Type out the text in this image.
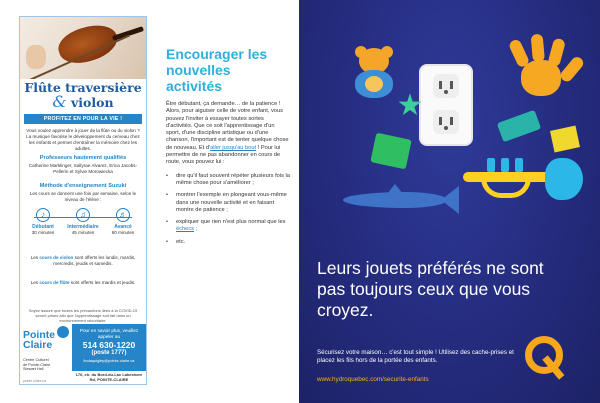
Flûte traversière
& violon
PROFITEZ EN POUR LA VIE !
Vous voulez apprendre à jouer de la flûte ou du violon ? La musique favorise le développement du cerveau chez les enfants et permet d'entraîner la mémoire chez les adultes.
Professeurs hautement qualifiés
Catherine Marklinger, Sallyrae Alvarez, Erica Jacobs-Pellerin et Sylvie Morowiecka
Méthode d'enseignement Suzuki
Les cours se donnent une fois par semaine, selon le niveau de l'élève :
♪
Débutant
30 minutes
♫
Intermédiaire
45 minutes
♬
Avancé
60 minutes
Les cours de violon sont offerts les lundis, mardis, mercredis, jeudis et samedis.
Les cours de flûte sont offerts les mardis et jeudis.
Soyez assuré que toutes les précautions liées à la COVID-19 seront prises afin que l'apprentissage soit fait dans un environnement sécuritaire.
Pointe
Claire
Centre Culturel
de Pointe-Claire
Stewart Hall
Pour en savoir plus, veuillez appeler au
514 630-1220
(poste 1777)
lindaquigley@pointe-claire.ca
176, ch. du Bord-du-Lac Lakeshore Rd, POINTE-CLAIRE
pointe-claire.ca
Encourager les nouvelles activités
Être débutant, ça demande… de la patience ! Alors, pour aiguiser celle de votre enfant, vous pouvez l'inviter à essayer toutes sortes d'activités. Que ce soit l'apprentissage d'un sport, d'une discipline artistique ou d'une chanson, l'important est de tenter quelque chose de nouveau. Et d'aller jusqu'au bout ! Pour lui permettre de ne pas abandonner en cours de route, vous pouvez lui :
• dire qu'il faut souvent répéter plusieurs fois la même chose pour s'améliorer ;
• montrer l'exemple en plongeant vous-même dans une nouvelle activité et en faisant montre de patience ;
• expliquer que rien n'est plus normal que les échecs ;
• etc.
★
Leurs jouets préférés ne sont pas toujours ceux que vous croyez.
Sécurisez votre maison… c'est tout simple ! Utilisez des cache-prises et placez les fils hors de la portée des enfants.
www.hydroquebec.com/securite-enfants
